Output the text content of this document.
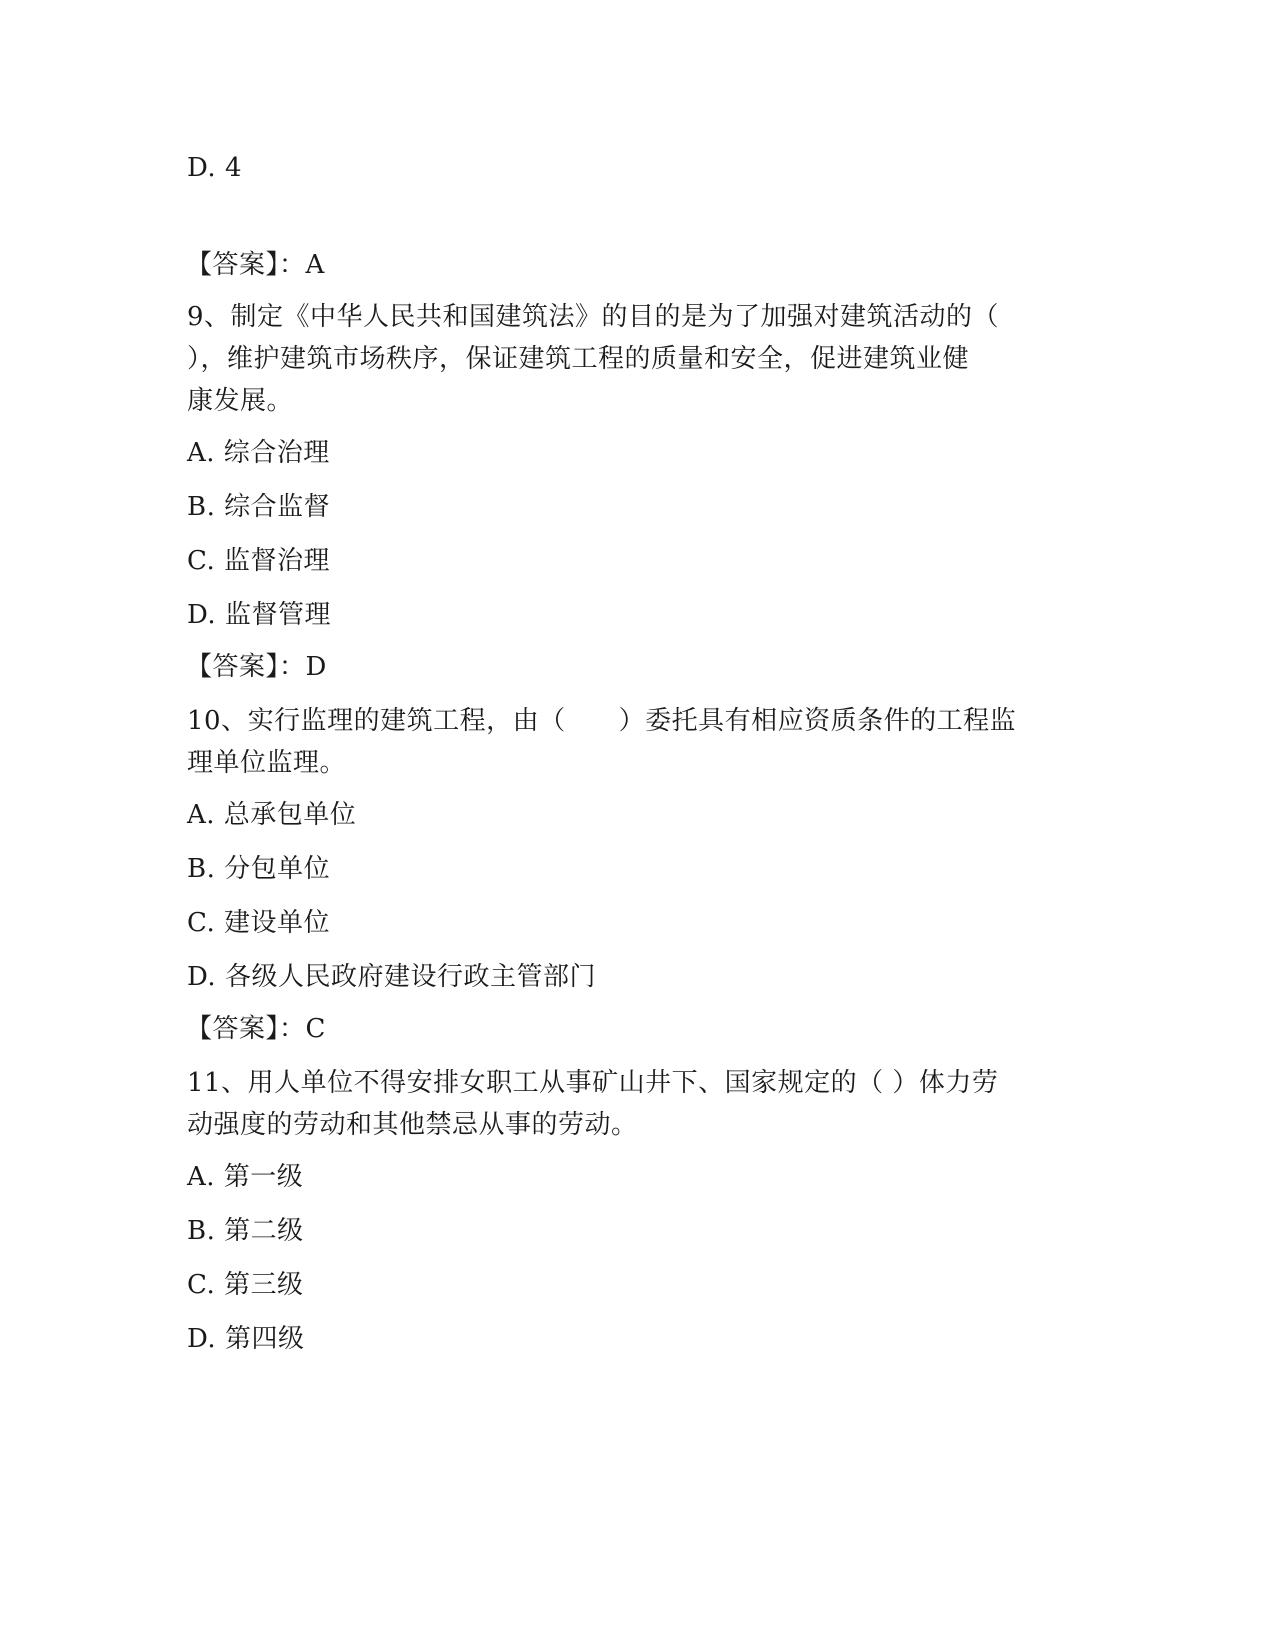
D. 4
【答案】：A
9、制定《中华人民共和国建筑法》的目的是为了加强对建筑活动的（
），维护建筑市场秩序，保证建筑工程的质量和安全，促进建筑业健
康发展。
A. 综合治理
B. 综合监督
C. 监督治理
D. 监督管理
【答案】：D
10、实行监理的建筑工程，由（　　）委托具有相应资质条件的工程监
理单位监理。
A. 总承包单位
B. 分包单位
C. 建设单位
D. 各级人民政府建设行政主管部门
【答案】：C
11、用人单位不得安排女职工从事矿山井下、国家规定的（ ）体力劳
动强度的劳动和其他禁忌从事的劳动。
A. 第一级
B. 第二级
C. 第三级
D. 第四级
